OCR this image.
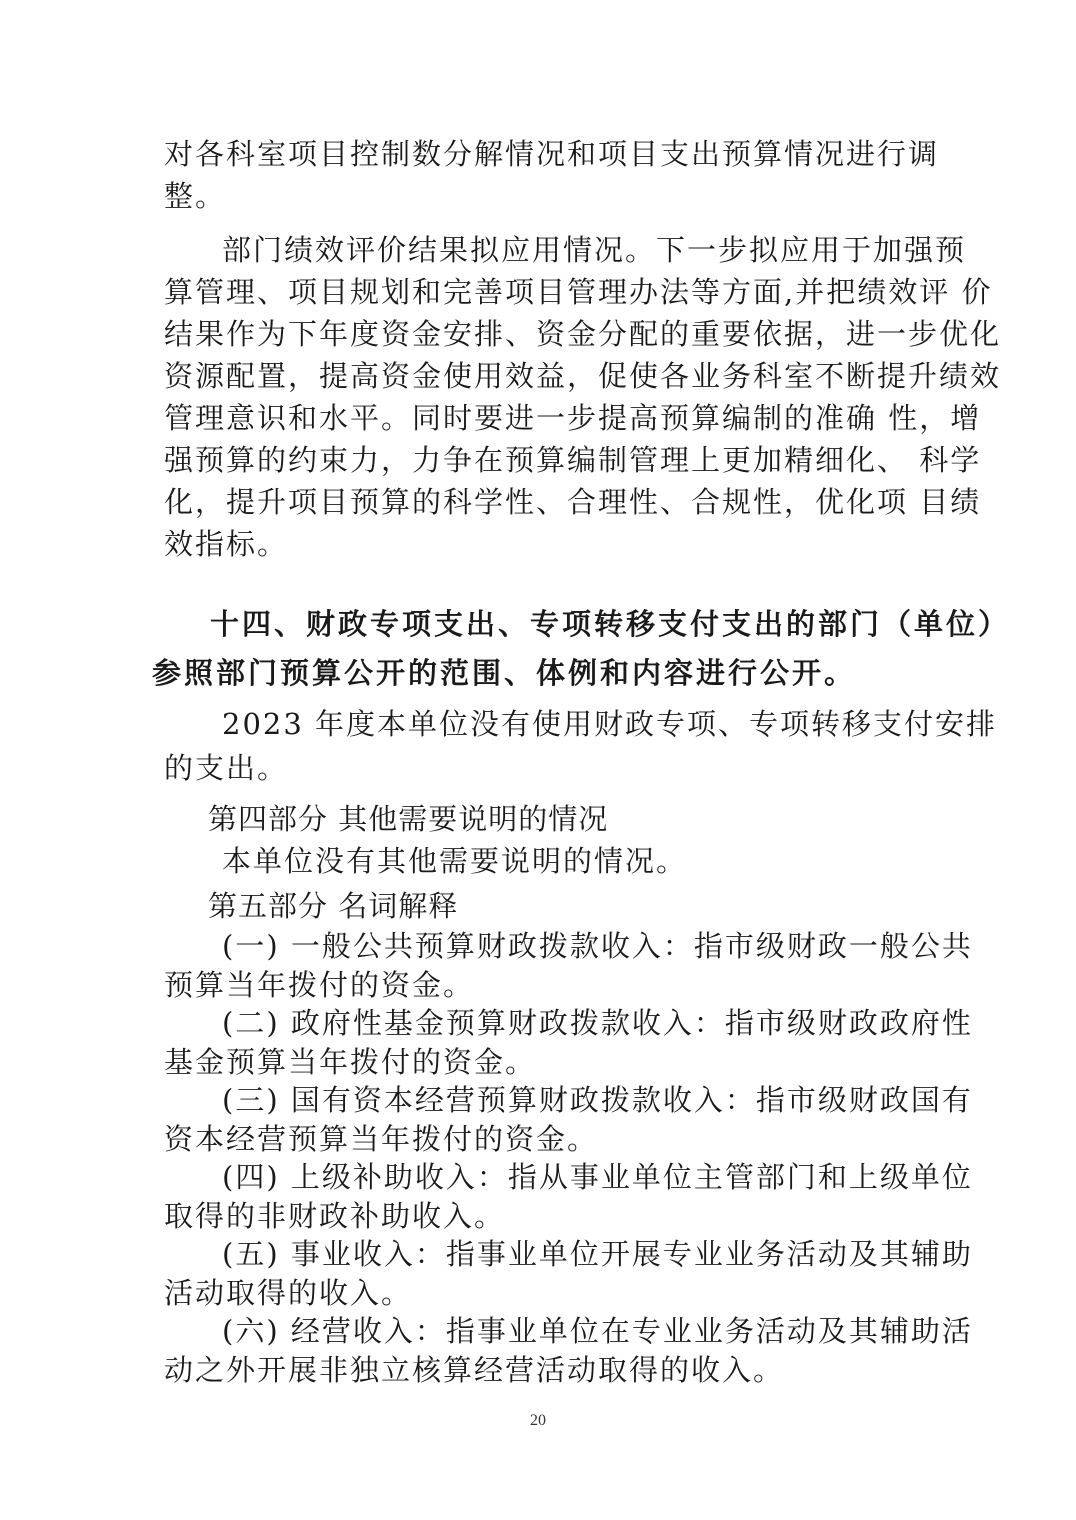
对各科室项目控制数分解情况和项目支出预算情况进行调
整。
部门绩效评价结果拟应用情况。下一步拟应用于加强预
算管理、项目规划和完善项目管理办法等方面,并把绩效评 价
结果作为下年度资金安排、资金分配的重要依据，进一步优化
资源配置，提高资金使用效益，促使各业务科室不断提升绩效
管理意识和水平。同时要进一步提高预算编制的准确 性，增
强预算的约束力，力争在预算编制管理上更加精细化、 科学
化，提升项目预算的科学性、合理性、合规性，优化项 目绩
效指标。
十四、财政专项支出、专项转移支付支出的部门（单位）
参照部门预算公开的范围、体例和内容进行公开。
2023 年度本单位没有使用财政专项、专项转移支付安排
的支出。
第四部分 其他需要说明的情况
本单位没有其他需要说明的情况。
第五部分 名词解释
(一) 一般公共预算财政拨款收入：指市级财政一般公共
预算当年拨付的资金。
(二) 政府性基金预算财政拨款收入：指市级财政政府性
基金预算当年拨付的资金。
(三) 国有资本经营预算财政拨款收入：指市级财政国有
资本经营预算当年拨付的资金。
(四) 上级补助收入：指从事业单位主管部门和上级单位
取得的非财政补助收入。
(五) 事业收入：指事业单位开展专业业务活动及其辅助
活动取得的收入。
(六) 经营收入：指事业单位在专业业务活动及其辅助活
动之外开展非独立核算经营活动取得的收入。
20
